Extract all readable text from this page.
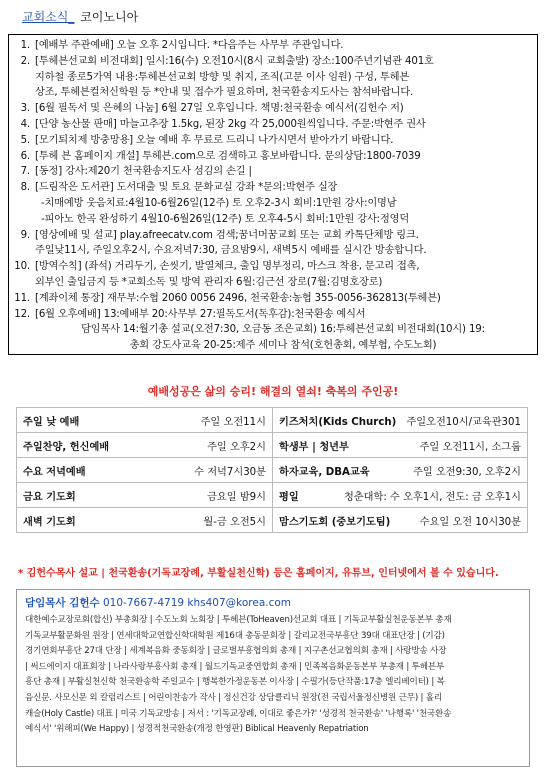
교회소식_ 코이노니아
1. [예배부 주관예배] 오늘 오후 2시입니다. *다음주는 사무부 주관입니다.
2. [투헤븐선교회 비전대회] 일시:16(수) 오전10시(8시 교회출발) 장소:100주년기념관 401호
지하철 종로5가역 내용:투헤븐선교회 방향 및 취지, 조직(고문 이사 임원) 구성, 투헤븐
상조, 투헤븐컬처신학원 등 *안내 및 접수가 필요하며, 천국환송지도사는 참석바랍니다.
3. [6월 필독서 및 은혜의 나눔] 6월 27일 오후입니다. 책명:천국환송 예식서(김헌수 저)
4. [단양 농산물 판매] 마늘고추장 1.5kg, 된장 2kg 각 25,000원씩입니다. 주문:박현주 권사
5. [모기퇴치제 방충망용] 오늘 예배 후 무료로 드리니 나가시면서 받아가기 바랍니다.
6. [투헤 븐 홈페이지 개설] 투헤븐.com으로 검색하고 홍보바랍니다. 문의상담:1800-7039
7. [동정] 강사:제20기 천국환송지도사 섬김의 손길 |
8. [드림작은 도서관] 도서대출 및 토요 문화교실 강좌 *문의:박현주 실장
-치매예방 웃음치료:4월10-6월26일(12주) 토 오후2-3시 회비:1만원 강사:이명남
-피아노 한곡 완성하기 4월10-6월26일(12주) 토 오후4-5시 회비:1만원 강사:정영덕
9. [영상예배 및 설교] play.afreecatv.com 검색;꿈너머꿈교회 또는 교회 카톡단체방 링크.
주일낮11시, 주일오후2시, 수요저녁7:30, 금요밤9시, 새벽5시 예배를 실시간 방송합니다.
10. [방역수칙] (좌석) 거리두기, 손씻기, 발열체크, 출입 명부정리, 마스크 착용, 문고리 접촉,
외부인 출입금지 등 *교회소독 및 방역 관리자 6월:김근선 장로(7월:김명호장로)
11. [계좌이체 통장] 재무부:수협 2060 0056 2496, 천국환송:농협 355-0056-362813(투헤븐)
12. [6월 오후예배] 13:예배부 20:사무부 27:필독도서(독후감):천국환송 예식서
담임목사 14:월기총 설교(오전7:30, 오금동 조은교회) 16:투헤븐선교회 비전대회(10시) 19:
총회 강도사교육 20-25:제주 세미나 참석(호헌총회, 예부협, 수도노회)
예배성공은 삶의 승리! 해결의 열쇠! 축복의 주인공!
주일 낮 예배 주일 오전11시	키즈처치(Kids Church) 주일오전10시/교육관301

주일찬양, 헌신예배 주일 오후2시	학생부 | 청년부 주일 오전11시, 소그룹

수요 저녁예배 수 저녁7시30분	하자교육, DBA교육 주일 오전9:30, 오후2시

금요 기도회 금요일 밤9시	평일 청춘대학: 수 오후1시, 전도: 금 오후1시

새벽 기도회 월-금 오전5시	맘스기도회 (중보기도팀) 수요일 오전 10시30분
* 김헌수목사 설교 | 천국환송(기독교장례, 부활실천신학) 등은 홈페이지, 유튜브, 인터넷에서 볼 수 있습니다.
담임목사 김헌수 010-7667-4719 khs407@korea.com
대한예수교장로회(합신) 부총회장 | 수도노회 노회장 | 투헤븐(ToHeaven)선교회 대표 | 기독교부활실천운동본부 총재
기독교부활문화원 원장 | 연세대학교연합신학대학원 제16대 총동문회장 | 갈리교전국부흥단 39대 대표단장 | (기감)
경기연회부흥단 27대 단장 | 세계복음화 중동회장 | 글로벌부흥협의회 총재 | 지구촌선교협의회 총재 | 사랑방송 사장
| 써드에이지 대표회장 | 나라사랑부흥사회 총재 | 월드기독교중연합회 총재 | 민족복음화운동본부 부총재 | 투헤븐부
흥단 총재 | 부활실천신학 천국환송학 주일교수 | 행복한가정운동본 이사장 | 수필가(등단작품:17층 엘리베이터) | 복
음신문. 사모신문 외 칼럼리스트 | 어린이찬송가 작사 | 정신건강 상담클리닉 원장(전 국립서울정신병원 근무) | 홀리
캐슬(Holy Castle) 대표 | 미국 기독교방송 | 저서 : '기독교장례, 이대로 좋은가?' '성경적 천국환송' '나행록' '천국환송
예식서' '위해피(We Happy) | 성경적천국환송(개정 한영판) Biblical Heavenly Repatriation
